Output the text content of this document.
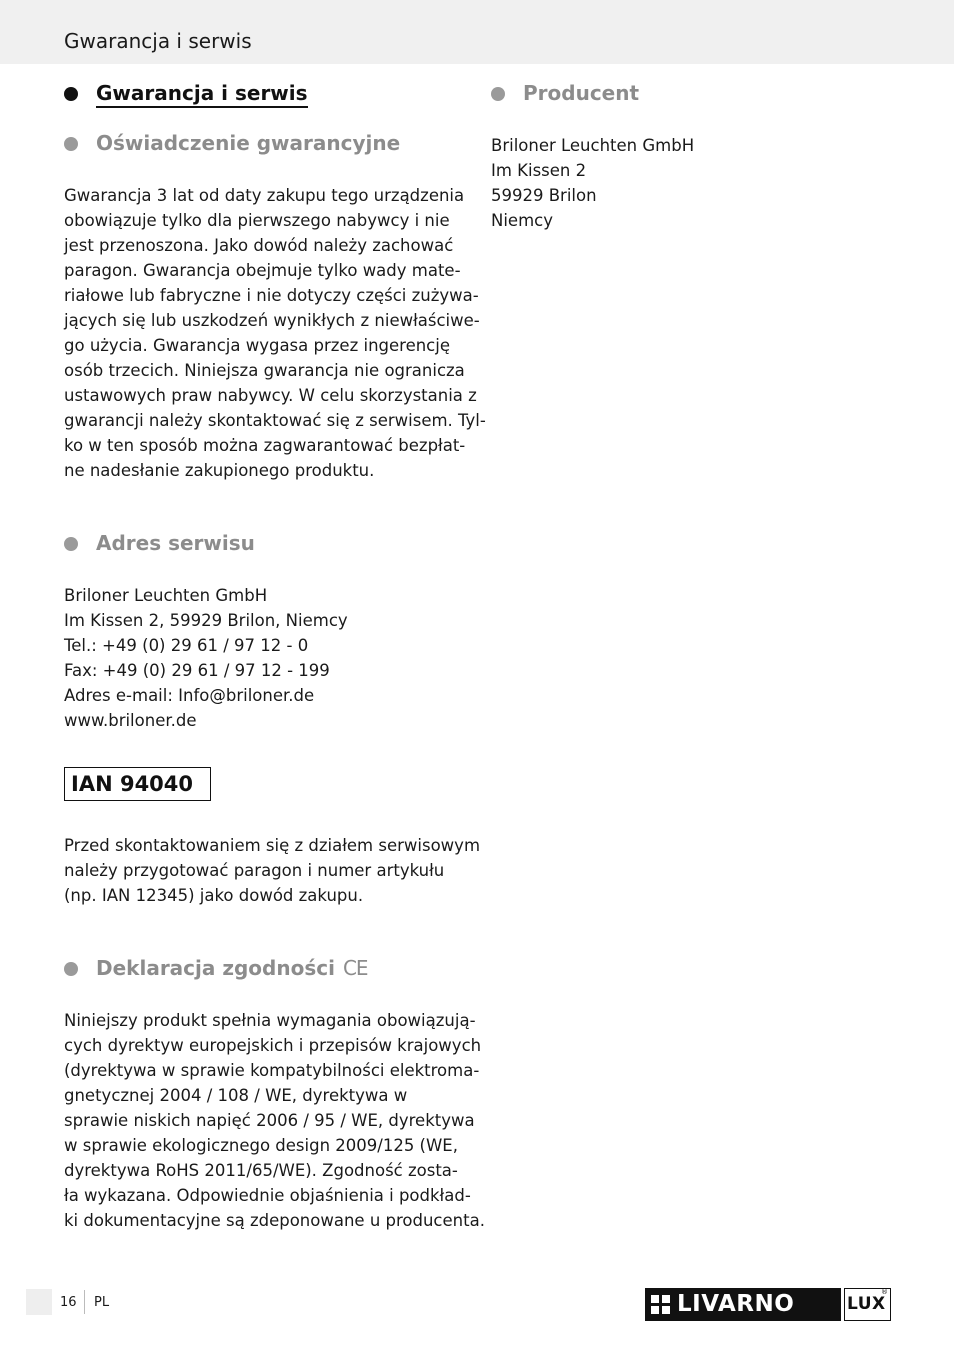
Gwarancja i serwis
Gwarancja i serwis
Oświadczenie gwarancyjne
Gwarancja 3 lat od daty zakupu tego urządzenia
obowiązuje tylko dla pierwszego nabywcy i nie
jest przenoszona. Jako dowód należy zachować
paragon. Gwarancja obejmuje tylko wady mate-
riałowe lub fabryczne i nie dotyczy części zużywa-
jących się lub uszkodzeń wynikłych z niewłaściwe-
go użycia. Gwarancja wygasa przez ingerencję
osób trzecich. Niniejsza gwarancja nie ogranicza
ustawowych praw nabywcy. W celu skorzystania z
gwarancji należy skontaktować się z serwisem. Tyl-
ko w ten sposób można zagwarantować bezpłat-
ne nadesłanie zakupionego produktu.
Adres serwisu
Briloner Leuchten GmbH
Im Kissen 2, 59929 Brilon, Niemcy
Tel.: +49 (0) 29 61 / 97 12 - 0
Fax: +49 (0) 29 61 / 97 12 - 199
Adres e-mail: Info@briloner.de
www.briloner.de
IAN 94040
Przed skontaktowaniem się z działem serwisowym
należy przygotować paragon i numer artykułu
(np. IAN 12345) jako dowód zakupu.
Deklaracja zgodności CE
Niniejszy produkt spełnia wymagania obowiązują-
cych dyrektyw europejskich i przepisów krajowych
(dyrektywa w sprawie kompatybilności elektroma-
gnetycznej 2004 / 108 / WE, dyrektywa w
sprawie niskich napięć 2006 / 95 / WE, dyrektywa
w sprawie ekologicznego design 2009/125 (WE,
dyrektywa RoHS 2011/65/WE). Zgodność zosta-
ła wykazana. Odpowiednie objaśnienia i podkład-
ki dokumentacyjne są zdeponowane u producenta.
Producent
Briloner Leuchten GmbH
Im Kissen 2
59929 Brilon
Niemcy
16 PL	LIVARNO	LUX
®
